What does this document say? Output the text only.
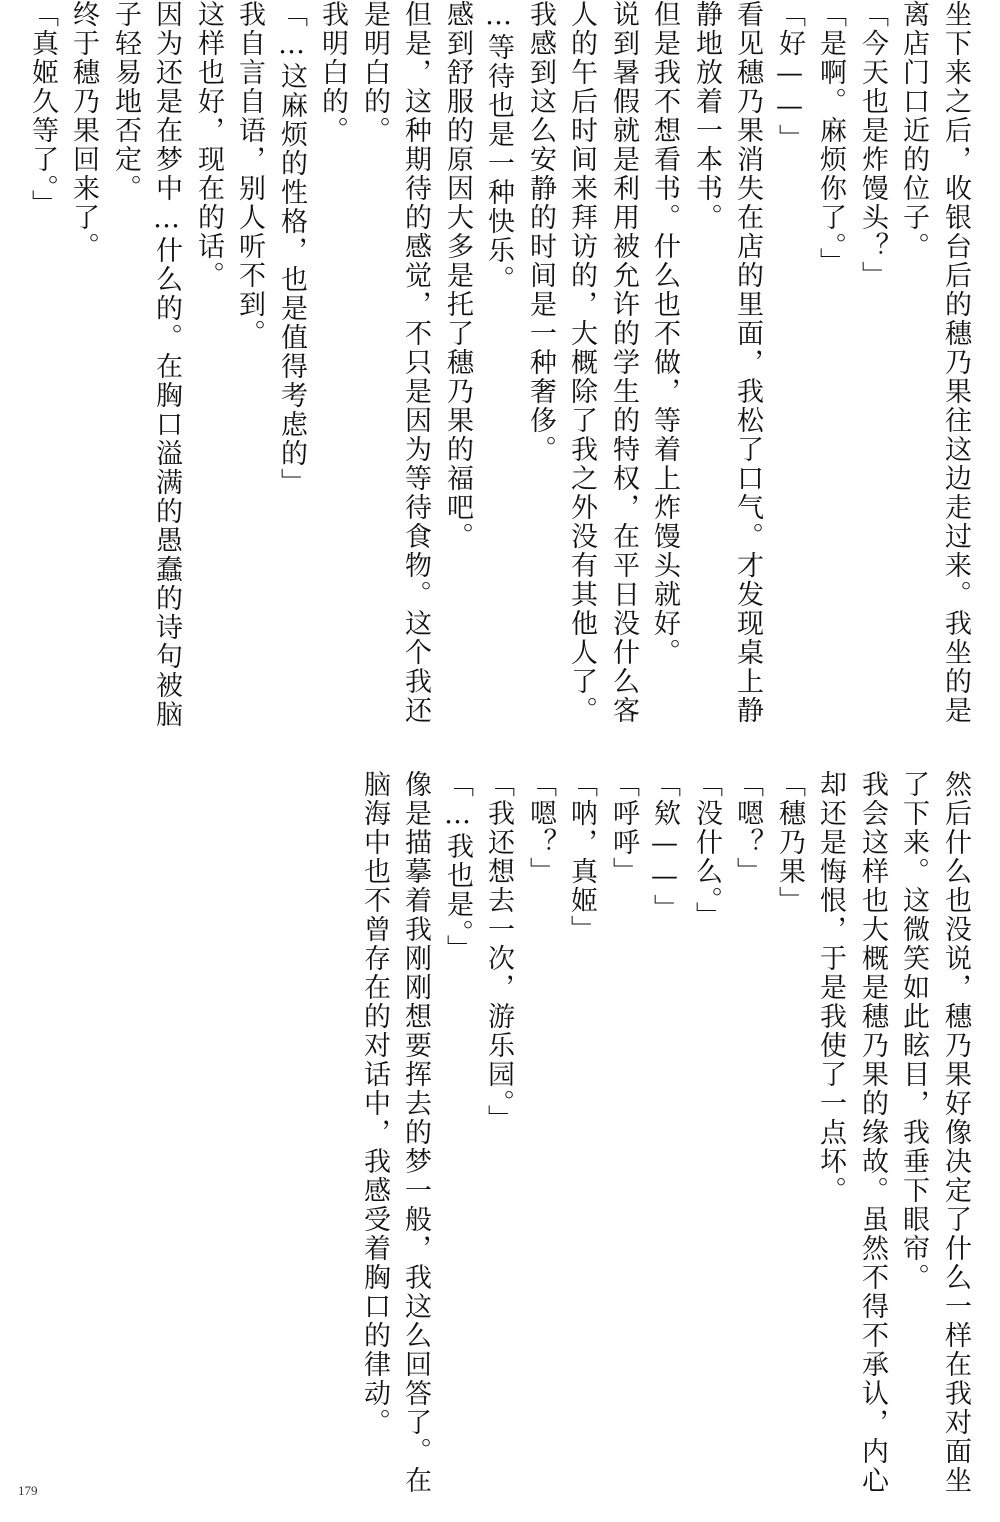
坐下来之后，收银台后的穗乃果往这边走过来。我坐的是
离店门口近的位子。
「今天也是炸馒头？」
「是啊。麻烦你了。」
「好——」
看见穗乃果消失在店的里面，我松了口气。才发现桌上静
静地放着一本书。
但是我不想看书。什么也不做，等着上炸馒头就好。
说到暑假就是利用被允许的学生的特权，在平日没什么客
人的午后时间来拜访的，大概除了我之外没有其他人了。
我感到这么安静的时间是一种奢侈。
…等待也是一种快乐。
感到舒服的原因大多是托了穗乃果的福吧。
但是，这种期待的感觉，不只是因为等待食物。这个我还
是明白的。
我明白的。
「…这麻烦的性格，也是值得考虑的」
我自言自语，别人听不到。
这样也好，现在的话。
因为还是在梦中…什么的。在胸口溢满的愚蠢的诗句被脑
子轻易地否定。
终于穗乃果回来了。
「真姬久等了。」
然后什么也没说，穗乃果好像决定了什么一样在我对面坐
了下来。这微笑如此眩目，我垂下眼帘。
我会这样也大概是穗乃果的缘故。虽然不得不承认，内心
却还是悔恨，于是我使了一点坏。
「穗乃果」
「嗯？」
「没什么。」
「欸——」
「呼呼」
「呐，真姬」
「嗯？」
「我还想去一次，游乐园。」
「…我也是。」
像是描摹着我刚刚想要挥去的梦一般，我这么回答了。在
脑海中也不曾存在的对话中，我感受着胸口的律动。
179
